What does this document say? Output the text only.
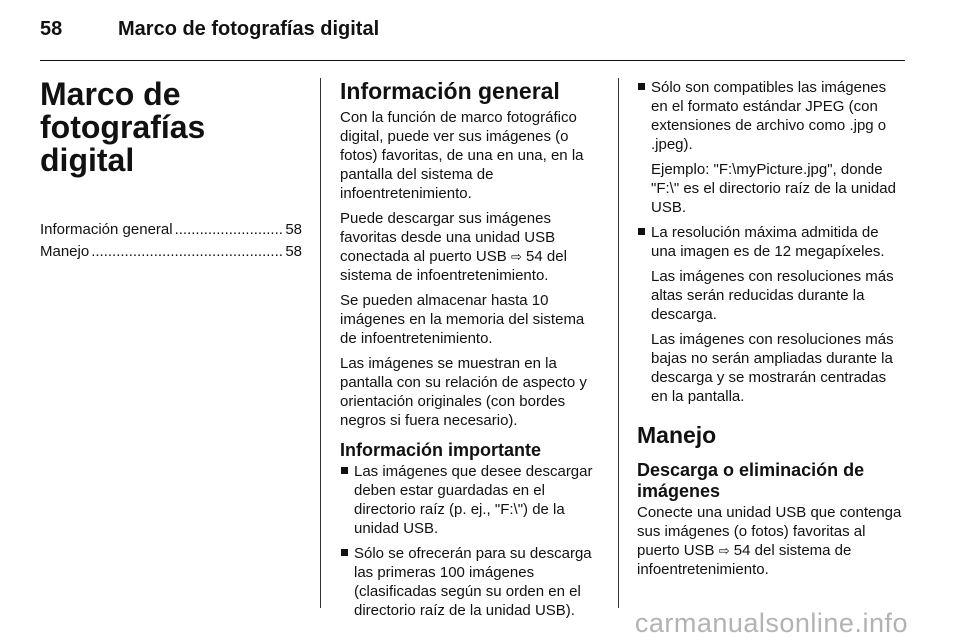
58	Marco de fotografías digital
Marco de fotografías digital
Información general .....	58
Manejo .....	58
Información general

Con la función de marco fotográfico digital, puede ver sus imágenes (o fotos) favoritas, de una en una, en la pantalla del sistema de infoentretenimiento.

Puede descargar sus imágenes favoritas desde una unidad USB conectada al puerto USB ⇨ 54 del sistema de infoentretenimiento.

Se pueden almacenar hasta 10 imágenes en la memoria del sistema de infoentretenimiento.

Las imágenes se muestran en la pantalla con su relación de aspecto y orientación originales (con bordes negros si fuera necesario).

Información importante

Las imágenes que desee descargar deben estar guardadas en el directorio raíz (p. ej., "F:\") de la unidad USB.

Sólo se ofrecerán para su descarga las primeras 100 imágenes (clasificadas según su orden en el directorio raíz de la unidad USB).

Sólo son compatibles las imágenes en el formato estándar JPEG (con extensiones de archivo como .jpg o .jpeg).

Ejemplo: "F:\myPicture.jpg", donde "F:\" es el directorio raíz de la unidad USB.

La resolución máxima admitida de una imagen es de 12 megapíxeles.

Las imágenes con resoluciones más altas serán reducidas durante la descarga.

Las imágenes con resoluciones más bajas no serán ampliadas durante la descarga y se mostrarán centradas en la pantalla.

Manejo
Descarga o eliminación de imágenes

Conecte una unidad USB que contenga sus imágenes (o fotos) favoritas al puerto USB ⇨ 54 del sistema de infoentretenimiento.

carmanualsonline.info
